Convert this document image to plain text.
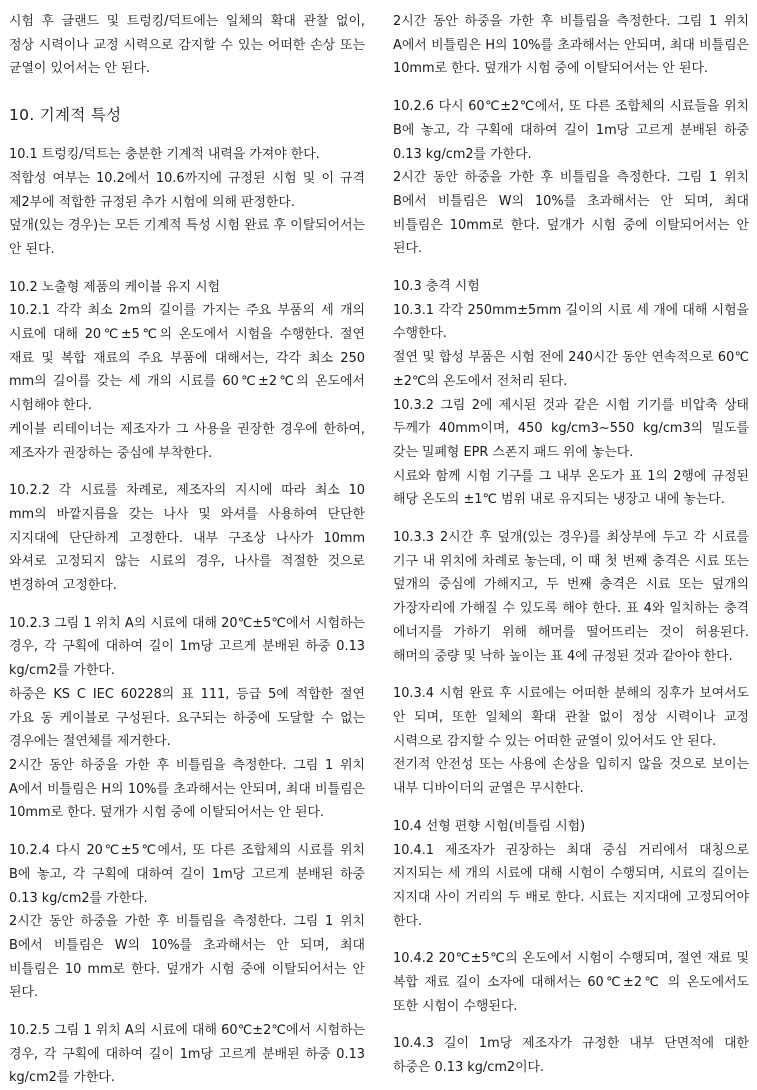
시험 후 글랜드 및 트렁킹/덕트에는 일체의 확대 관찰 없이, 정상 시력이나 교정 시력으로 감지할 수 있는 어떠한 손상 또는 균열이 있어서는 안 된다.

10. 기계적 특성

10.1 트렁킹/덕트는 충분한 기계적 내력을 가져야 한다.

적합성 여부는 10.2에서 10.6까지에 규정된 시험 및 이 규격 제2부에 적합한 규정된 추가 시험에 의해 판정한다.

덮개(있는 경우)는 모든 기계적 특성 시험 완료 후 이탈되어서는 안 된다.

10.2 노출형 제품의 케이블 유지 시험

10.2.1 각각 최소 2m의 길이를 가지는 주요 부품의 세 개의 시료에 대해 20℃±5℃의 온도에서 시험을 수행한다. 절연 재료 및 복합 재료의 주요 부품에 대해서는, 각각 최소 250 mm의 길이를 갖는 세 개의 시료를 60℃±2℃의 온도에서 시험해야 한다.

케이블 리테이너는 제조자가 그 사용을 권장한 경우에 한하여, 제조자가 권장하는 중심에 부착한다.

10.2.2 각 시료를 차례로, 제조자의 지시에 따라 최소 10 mm의 바깥지름을 갖는 나사 및 와셔를 사용하여 단단한 지지대에 단단하게 고정한다. 내부 구조상 나사가 10mm 와셔로 고정되지 않는 시료의 경우, 나사를 적절한 것으로 변경하여 고정한다.

10.2.3 그림 1 위치 A의 시료에 대해 20℃±5℃에서 시험하는 경우, 각 구획에 대하여 길이 1m당 고르게 분배된 하중 0.13 kg/cm2를 가한다.

하중은 KS C IEC 60228의 표 111, 등급 5에 적합한 절연 가요 동 케이블로 구성된다. 요구되는 하중에 도달할 수 없는 경우에는 절연체를 제거한다.

2시간 동안 하중을 가한 후 비틀림을 측정한다. 그림 1 위치 A에서 비틀림은 H의 10%를 초과해서는 안되며, 최대 비틀림은 10mm로 한다. 덮개가 시험 중에 이탈되어서는 안 된다.

10.2.4 다시 20℃±5℃에서, 또 다른 조합체의 시료를 위치 B에 놓고, 각 구획에 대하여 길이 1m당 고르게 분배된 하중 0.13 kg/cm2를 가한다.

2시간 동안 하중을 가한 후 비틀림을 측정한다. 그림 1 위치 B에서 비틀림은 W의 10%를 초과해서는 안 되며, 최대 비틀림은 10 mm로 한다. 덮개가 시험 중에 이탈되어서는 안 된다.

10.2.5 그림 1 위치 A의 시료에 대해 60℃±2℃에서 시험하는 경우, 각 구획에 대하여 길이 1m당 고르게 분배된 하중 0.13 kg/cm2를 가한다.

2시간 동안 하중을 가한 후 비틀림을 측정한다. 그림 1 위치 A에서 비틀림은 H의 10%를 초과해서는 안되며, 최대 비틀림은 10mm로 한다. 덮개가 시험 중에 이탈되어서는 안 된다.

10.2.6 다시 60℃±2℃에서, 또 다른 조합체의 시료들을 위치 B에 놓고, 각 구획에 대하여 길이 1m당 고르게 분배된 하중 0.13 kg/cm2를 가한다.

2시간 동안 하중을 가한 후 비틀림을 측정한다. 그림 1 위치 B에서 비틀림은 W의 10%를 초과해서는 안 되며, 최대 비틀림은 10mm로 한다. 덮개가 시험 중에 이탈되어서는 안 된다.

10.3 충격 시험

10.3.1 각각 250mm±5mm 길이의 시료 세 개에 대해 시험을 수행한다.

절연 및 합성 부품은 시험 전에 240시간 동안 연속적으로 60℃±2℃의 온도에서 전처리 된다.

10.3.2 그림 2에 제시된 것과 같은 시험 기기를 비압축 상태 두께가 40mm이며, 450 kg/cm3~550 kg/cm3의 밀도를 갖는 밀폐형 EPR 스폰지 패드 위에 놓는다.

시료와 함께 시험 기구를 그 내부 온도가 표 1의 2행에 규정된 해당 온도의 ±1℃ 범위 내로 유지되는 냉장고 내에 놓는다.

10.3.3 2시간 후 덮개(있는 경우)를 최상부에 두고 각 시료를 기구 내 위치에 차례로 놓는데, 이 때 첫 번째 충격은 시료 또는 덮개의 중심에 가해지고, 두 번째 충격은 시료 또는 덮개의 가장자리에 가해질 수 있도록 해야 한다. 표 4와 일치하는 충격 에너지를 가하기 위해 해머를 떨어뜨리는 것이 허용된다. 해머의 중량 및 낙하 높이는 표 4에 규정된 것과 같아야 한다.

10.3.4 시험 완료 후 시료에는 어떠한 분해의 징후가 보여서도 안 되며, 또한 일체의 확대 관찰 없이 정상 시력이나 교정 시력으로 감지할 수 있는 어떠한 균열이 있어서도 안 된다.

전기적 안전성 또는 사용에 손상을 입히지 않을 것으로 보이는 내부 디바이더의 균열은 무시한다.

10.4 선형 편향 시험(비틀림 시험)

10.4.1 제조자가 권장하는 최대 중심 거리에서 대칭으로 지지되는 세 개의 시료에 대해 시험이 수행되며, 시료의 길이는 지지대 사이 거리의 두 배로 한다. 시료는 지지대에 고정되어야 한다.

10.4.2 20℃±5℃의 온도에서 시험이 수행되며, 절연 재료 및 복합 재료 길이 소자에 대해서는 60℃±2℃ 의 온도에서도 또한 시험이 수행된다.

10.4.3 길이 1m당 제조자가 규정한 내부 단면적에 대한 하중은 0.13 kg/cm2이다.
